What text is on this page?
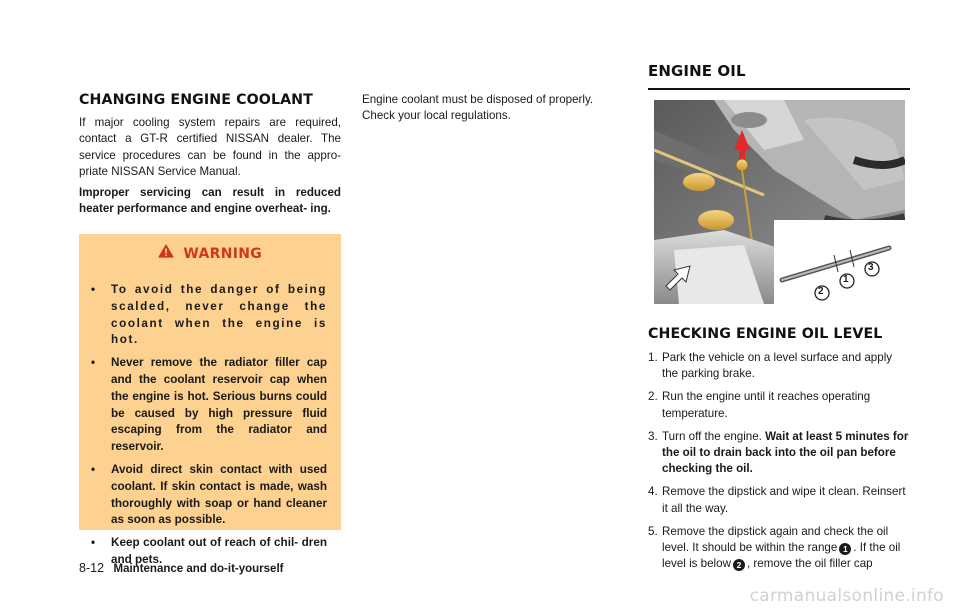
CHANGING ENGINE COOLANT

If major cooling system repairs are required, contact a GT-R certified NISSAN dealer. The service procedures can be found in the appro- priate NISSAN Service Manual.

Improper servicing can result in reduced heater performance and engine overheat- ing.

WARNING
• To avoid the danger of being scalded, never change the coolant when the engine is hot.
• Never remove the radiator filler cap and the coolant reservoir cap when the engine is hot. Serious burns could be caused by high pressure fluid escaping from the radiator and reservoir.
• Avoid direct skin contact with used coolant. If skin contact is made, wash thoroughly with soap or hand cleaner as soon as possible.
• Keep coolant out of reach of chil- dren and pets.

Engine coolant must be disposed of properly. Check your local regulations.

ENGINE OIL
2
1
3
CHECKING ENGINE OIL LEVEL
1. Park the vehicle on a level surface and apply the parking brake.
2. Run the engine until it reaches operating temperature.
3. Turn off the engine. Wait at least 5 minutes for the oil to drain back into the oil pan before checking the oil.
4. Remove the dipstick and wipe it clean. Reinsert it all the way.
5. Remove the dipstick again and check the oil level. It should be within the range 1 . If the oil level is below 2 , remove the oil filler cap
8-12 Maintenance and do-it-yourself
carmanualsonline.info
